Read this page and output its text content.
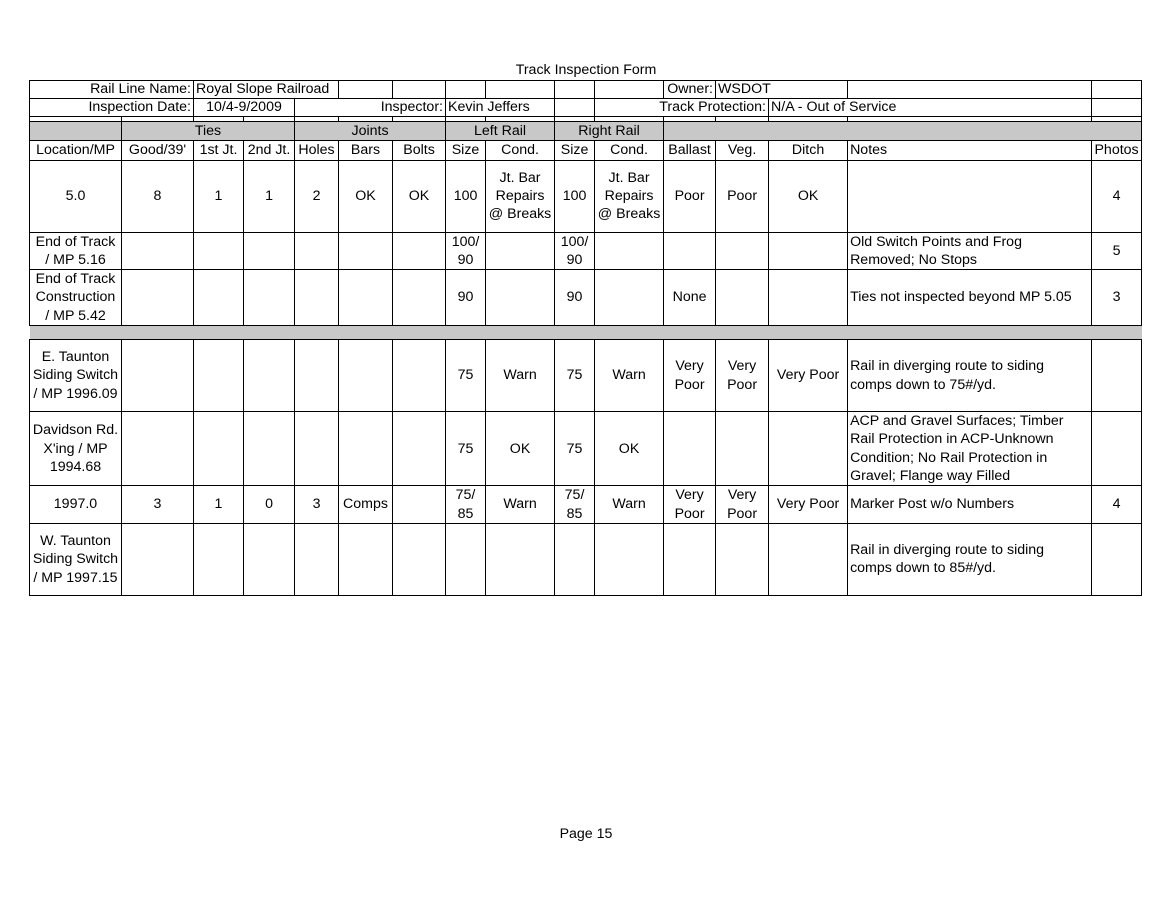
Track Inspection Form
Rail Line Name:		Royal Slope Railroad									Owner:	WSDOT			
Inspection Date:		10/4-9/2009		Inspector:			Kevin Jeffers			Track Protection:			N/A - Out of Service		

	Ties			Joints			Left Rail		Right Rail						
Location/MP	Good/39'	1st Jt.	2nd Jt.	Holes	Bars	Bolts	Size	Cond.	Size	Cond.	Ballast	Veg.	Ditch	Notes	Photos
5.0	8	1	1	2	OK	OK	100	Jt. Bar Repairs @ Breaks	100	Jt. Bar Repairs @ Breaks	Poor	Poor	OK		4
End of Track / MP 5.16							100/ 90		100/ 90					Old Switch Points and Frog Removed; No Stops	5
End of Track Construction / MP 5.42							90		90		None			Ties not inspected beyond MP 5.05	3

E. Taunton Siding Switch / MP 1996.09							75	Warn	75	Warn	Very Poor	Very Poor	Very Poor	Rail in diverging route to siding comps down to 75#/yd.	
Davidson Rd. X'ing / MP 1994.68							75	OK	75	OK				ACP and Gravel Surfaces; Timber Rail Protection in ACP-Unknown Condition; No Rail Protection in Gravel; Flange way Filled	
1997.0	3	1	0	3	Comps		75/ 85	Warn	75/ 85	Warn	Very Poor	Very Poor	Very Poor	Marker Post w/o Numbers	4
W. Taunton Siding Switch / MP 1997.15														Rail in diverging route to siding comps down to 85#/yd.	
Page 15
